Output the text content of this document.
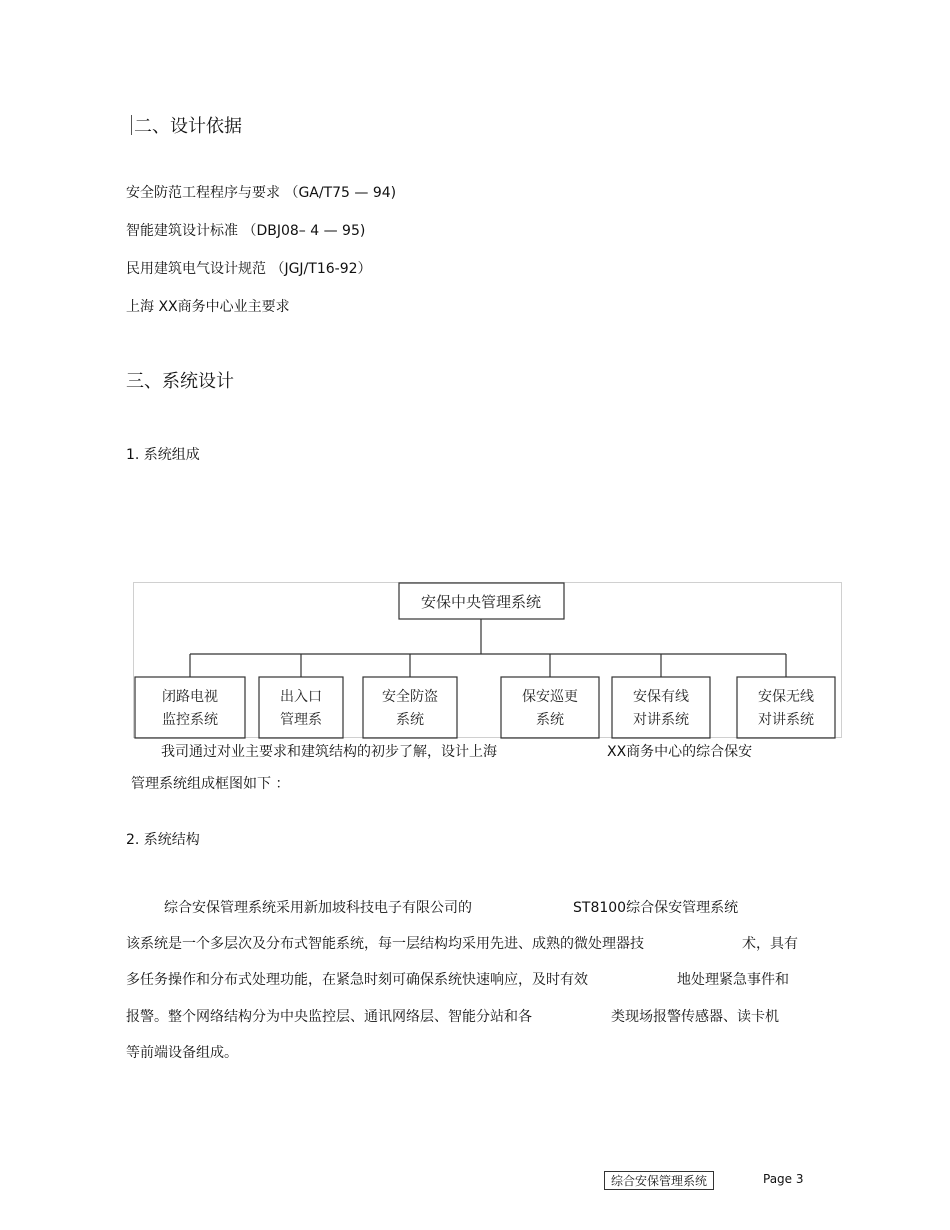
二、设计依据
安全防范工程程序与要求 （GA/T75 — 94)
智能建筑设计标准 （DBJ08– 4 — 95)
民用建筑电气设计规范 （JGJ/T16-92）
上海 XX商务中心业主要求
三、系统设计
1. 系统组成
安保中央管理系统
闭路电视
监控系统
出入口
管理系
安全防盗
系统
保安巡更
系统
安保有线
对讲系统
安保无线
对讲系统
我司通过对业主要求和建筑结构的初步了解，设计上海	XX商务中心的综合保安
管理系统组成框图如下 ：
2. 系统结构
综合安保管理系统采用新加坡科技电子有限公司的	ST8100综合保安管理系统
该系统是一个多层次及分布式智能系统，每一层结构均采用先进、成熟的微处理器技	术，具有
多任务操作和分布式处理功能，在紧急时刻可确保系统快速响应，及时有效	地处理紧急事件和
报警。整个网络结构分为中央监控层、通讯网络层、智能分站和各	类现场报警传感器、读卡机
等前端设备组成。
综合安保管理系统	Page 3
